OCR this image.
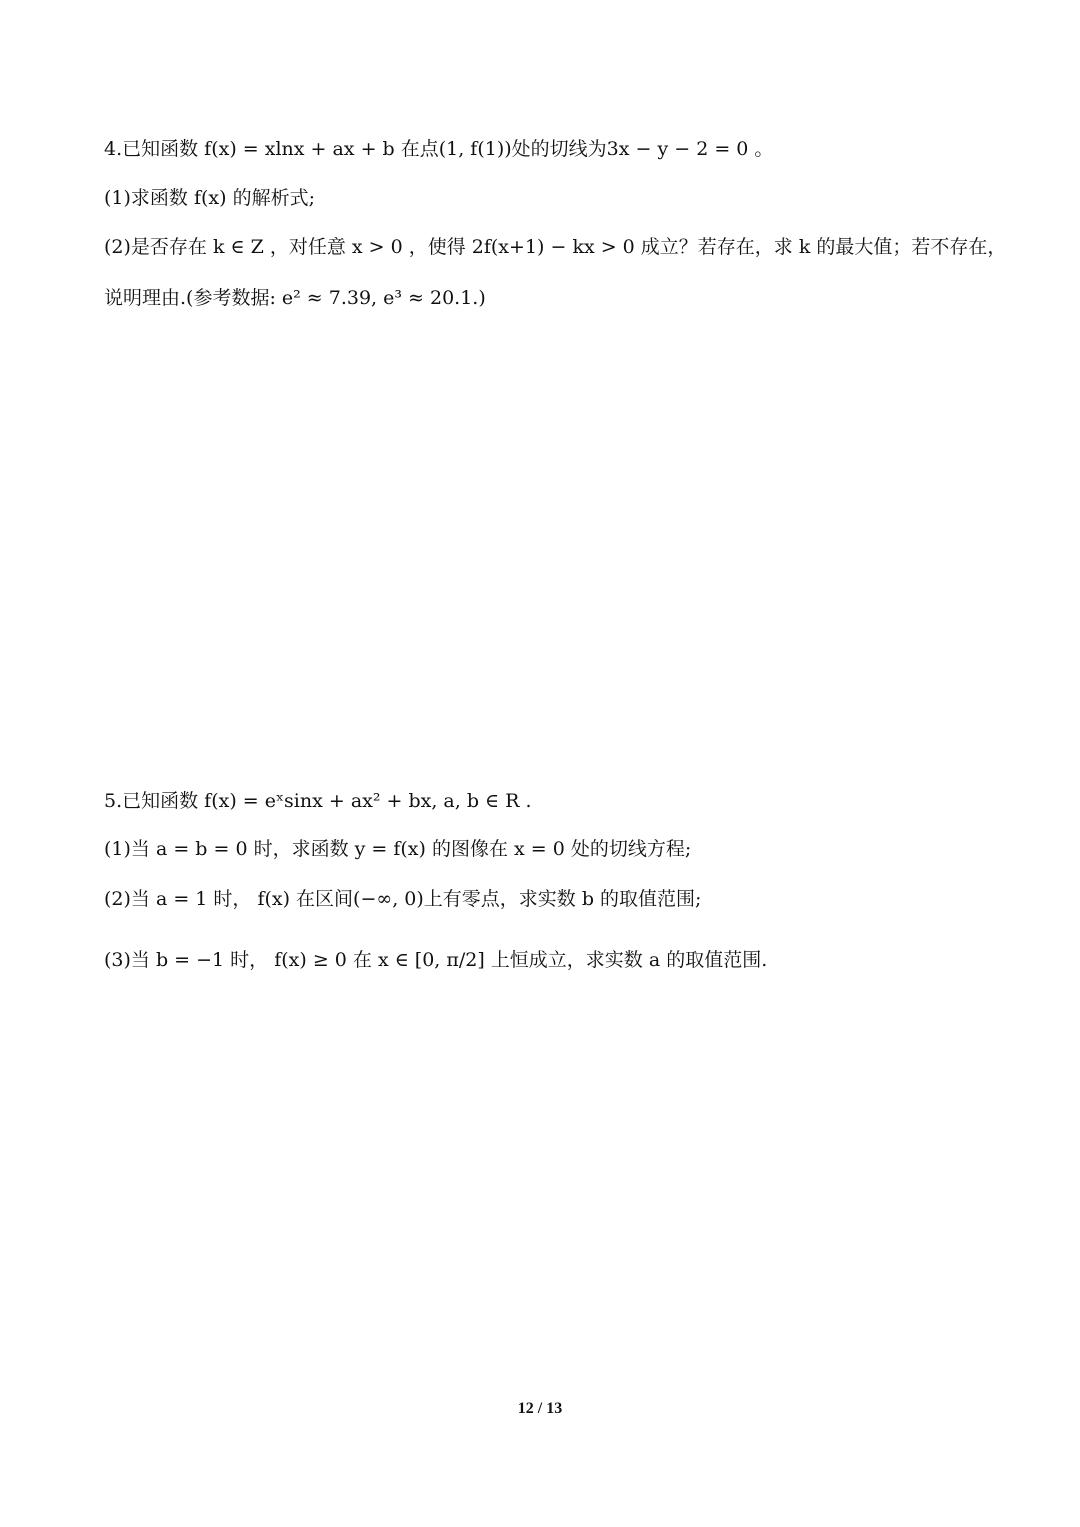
4.已知函数 f(x) = xlnx + ax + b 在点(1, f(1))处的切线为3x − y − 2 = 0 。
(1)求函数 f(x) 的解析式;
(2)是否存在 k ∈ Z ，对任意 x > 0 ，使得 2f(x+1) − kx > 0 成立？若存在，求 k 的最大值；若不存在，
说明理由.(参考数据: e² ≈ 7.39, e³ ≈ 20.1.)
5.已知函数 f(x) = eˣsinx + ax² + bx, a, b ∈ R .
(1)当 a = b = 0 时，求函数 y = f(x) 的图像在 x = 0 处的切线方程;
(2)当 a = 1 时， f(x) 在区间(−∞, 0)上有零点，求实数 b 的取值范围;
(3)当 b = −1 时， f(x) ≥ 0 在 x ∈ [0, π/2] 上恒成立，求实数 a 的取值范围.
12 / 13
